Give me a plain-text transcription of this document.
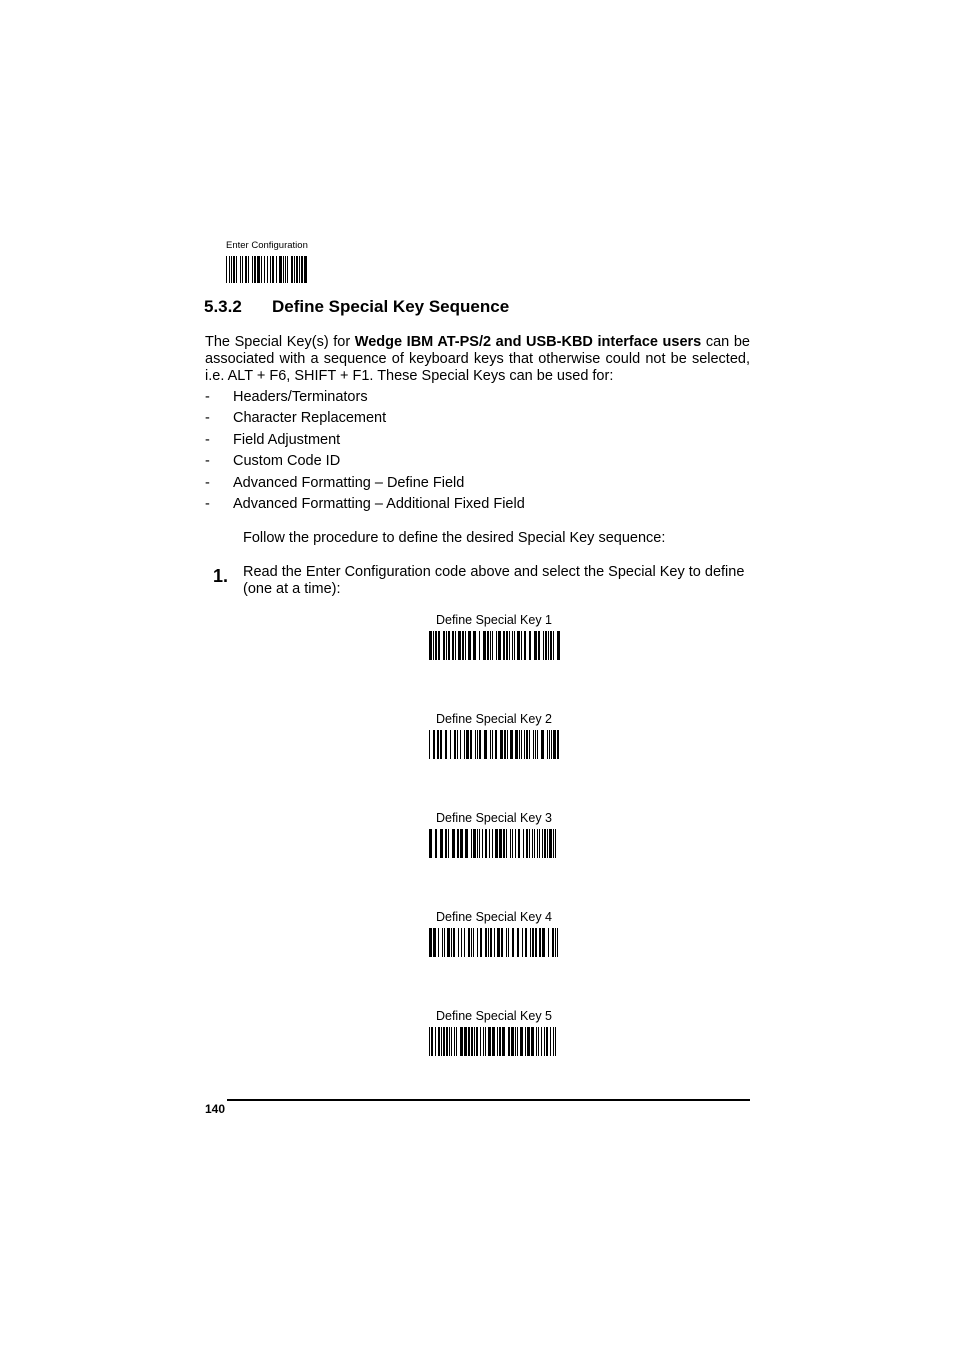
Enter Configuration
5.3.2 Define Special Key Sequence
The Special Key(s) for Wedge IBM AT-PS/2 and USB-KBD interface users can be associated with a sequence of keyboard keys that otherwise could not be selected, i.e. ALT + F6, SHIFT + F1. These Special Keys can be used for:
- Headers/Terminators
- Character Replacement
- Field Adjustment
- Custom Code ID
- Advanced Formatting – Define Field
- Advanced Formatting – Additional Fixed Field
Follow the procedure to define the desired Special Key sequence:
1. Read the Enter Configuration code above and select the Special Key to define (one at a time):
Define Special Key 1
Define Special Key 2
Define Special Key 3
Define Special Key 4
Define Special Key 5
140
